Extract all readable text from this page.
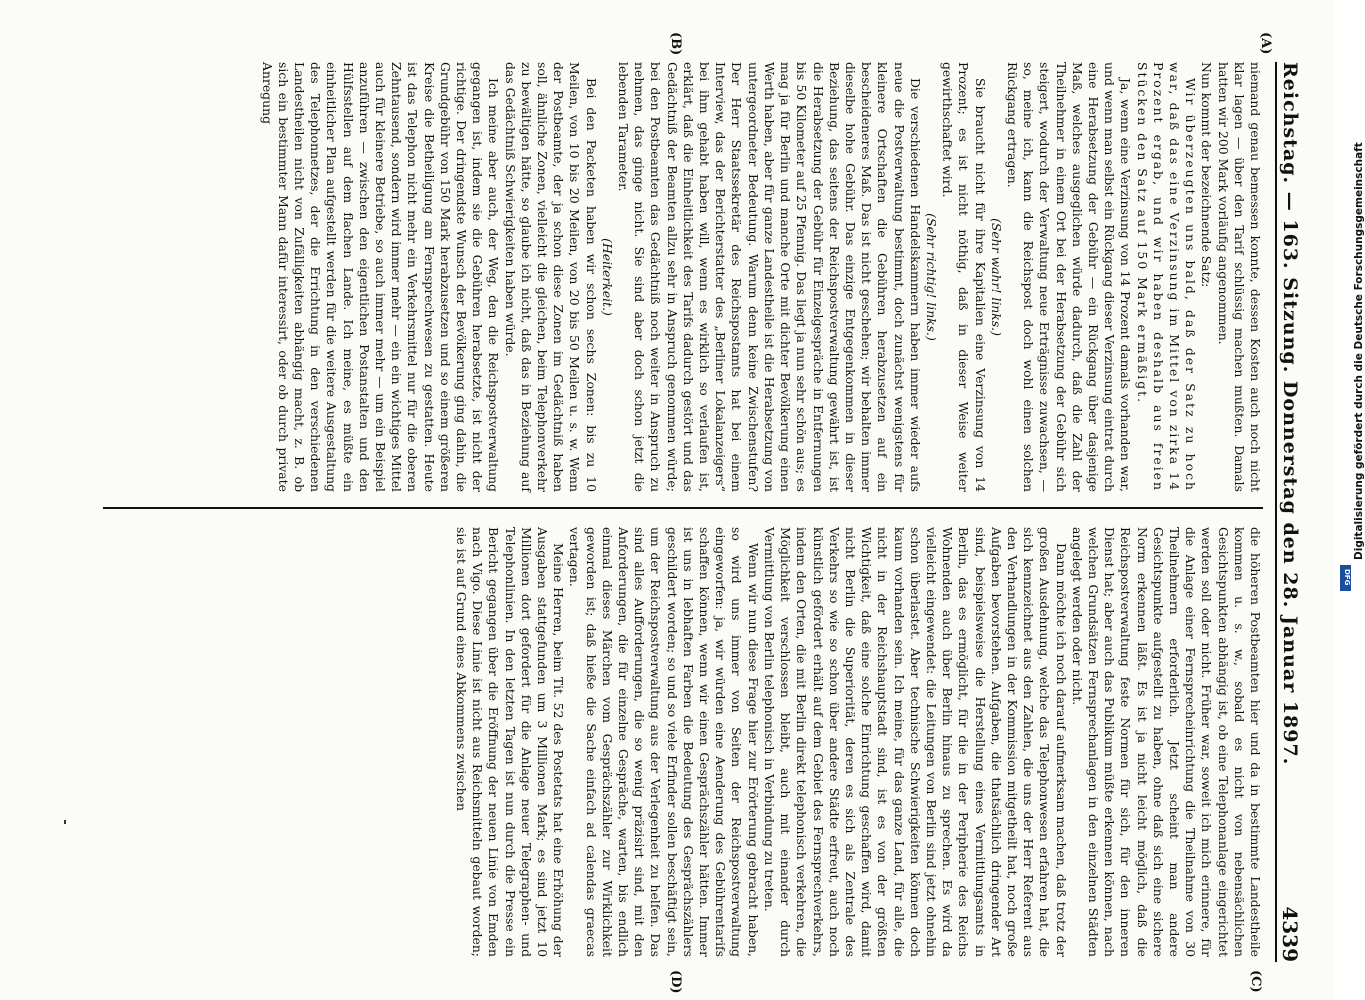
Reichstag. — 163. Sitzung. Donnerstag den 28. Januar 1897.
4339
(A)
(B)
(C)
(D)

niemand genau bemessen konnte, dessen Kosten auch noch nicht klar lagen — über den Tarif schlüssig machen mußten. Damals hatten wir 200 Mark vorläufig angenommen.

Nun kommt der bezeichnende Satz:

Wir überzeugten uns bald, daß der Satz zu hoch war, daß das eine Verzinsung im Mittel von zirka 14 Prozent ergab, und wir haben deshalb aus freien Stücken den Satz auf 150 Mark ermäßigt.

Ja, wenn eine Verzinsung von 14 Prozent damals vorhanden war, und wenn man selbst ein Rückgang dieser Verzinsung eintrat durch eine Herabsetzung der Gebühr — ein Rückgang über dasjenige Maß, welches ausgeglichen würde dadurch, daß die Zahl der Theilnehmer in einem Ort bei der Herabsetzung der Gebühr sich steigert, wodurch der Verwaltung neue Erträgnisse zuwachsen, — so, meine ich, kann die Reichspost doch wohl einen solchen Rückgang ertragen.

(Sehr wahr! links.)

Sie braucht nicht für ihre Kapitalien eine Verzinsung von 14 Prozent; es ist nicht nöthig, daß in dieser Weise weiter gewirthschaftet wird.

(Sehr richtig! links.)

Die verschiedenen Handelskammern haben immer wieder aufs neue die Postverwaltung bestimmt, doch zunächst wenigstens für kleinere Ortschaften die Gebühren herabzusetzen auf ein bescheideneres Maß. Das ist nicht geschehen; wir behalten immer dieselbe hohe Gebühr. Das einzige Entgegenkommen in dieser Beziehung, das seitens der Reichspostverwaltung gewährt ist, ist die Herabsetzung der Gebühr für Einzelgespräche in Entfernungen bis 50 Kilometer auf 25 Pfennig. Das liegt ja nun sehr schön aus; es mag ja für Berlin und manche Orte mit dichter Bevölkerung einen Werth haben, aber für ganze Landestheile ist die Herabsetzung von untergeordneter Bedeutung. Warum denn keine Zwischenstufen? Der Herr Staatssekretär des Reichspostamts hat bei einem Interview, das der Berichterstatter des „Berliner Lokalanzeigers“ bei ihm gehabt haben will, wenn es wirklich so verlaufen ist, erklärt, daß die Einheitlichkeit des Tarifs dadurch gestört und das Gedächtniß der Beamten allzu sehr in Anspruch genommen würde; bei den Postbeamten das Gedächtniß noch weiter in Anspruch zu nehmen, das ginge nicht. Sie sind aber doch schon jetzt die lebenden Tarameter.

(Heiterkeit.)

Bei den Packeten haben wir schon sechs Zonen: bis zu 10 Meilen, von 10 bis 20 Meilen, von 20 bis 50 Meilen u. s. w. Wenn der Postbeamte, der ja schon diese Zonen im Gedächtniß haben soll, ähnliche Zonen, vielleicht die gleichen, beim Telephonverkehr zu bewältigen hätte, so glaube ich nicht, daß das in Beziehung auf das Gedächtniß Schwierigkeiten haben würde.

Ich meine aber auch, der Weg, den die Reichspostverwaltung gegangen ist, indem sie die Gebühren herabsetzte, ist nicht der richtige. Der dringendste Wunsch der Bevölkerung ging dahin, die Grundgebühr von 150 Mark herabzusetzen und so einem größeren Kreise die Betheiligung am Fernsprechwesen zu gestatten. Heute ist das Telephon nicht mehr ein Verkehrsmittel nur für die oberen Zehntausend, sondern wird immer mehr — ein ein wichtiges Mittel auch für kleinere Betriebe, so auch immer mehr — um ein Beispiel anzuführen — zwischen den eigentlichen Postanstalten und den Hülfsstellen auf dem flachen Lande. Ich meine, es müßte ein einheitlicher Plan aufgestellt werden für die weitere Ausgestaltung des Telephonnetzes, der die Errichtung in den verschiedenen Landestheilen nicht von Zufälligkeiten abhängig macht, z. B. ob sich ein bestimmter Mann dafür interessirt, oder ob durch private Anregung

die höheren Postbeamten hier und da in bestimmte Landestheile kommen u. s. w., sobald es nicht von nebensächlichen Gesichtspunkten abhängig ist, ob eine Telephonanlage eingerichtet werden soll oder nicht. Früher war, soweit ich mich erinnere, für die Anlage einer Fernsprecheinrichtung die Theilnahme von 30 Theilnehmern erforderlich. Jetzt scheint man andere Gesichtspunkte aufgestellt zu haben, ohne daß sich eine sichere Norm erkennen läßt. Es ist ja nicht leicht möglich, daß die Reichspostverwaltung feste Normen für sich, für den inneren Dienst hat; aber auch das Publikum müßte erkennen können, nach welchen Grundsätzen Fernsprechanlagen in den einzelnen Städten angelegt werden oder nicht.

Dann möchte ich noch darauf aufmerksam machen, daß trotz der großen Ausdehnung, welche das Telephonwesen erfahren hat, die sich kennzeichnet aus den Zahlen, die uns der Herr Referent aus den Verhandlungen in der Kommission mitgetheilt hat, noch große Aufgaben bevorstehen. Aufgaben, die thatsächlich dringender Art sind, beispielsweise die Herstellung eines Vermittlungsamts in Berlin, das es ermöglicht, für die in der Peripherie des Reichs Wohnenden auch über Berlin hinaus zu sprechen. Es wird da vielleicht eingewendet: die Leitungen von Berlin sind jetzt ohnehin schon überlastet. Aber technische Schwierigkeiten können doch kaum vorhanden sein. Ich meine, für das ganze Land, für alle, die nicht in der Reichshauptstadt sind, ist es von der größten Wichtigkeit, daß eine solche Einrichtung geschaffen wird, damit nicht Berlin die Superiorität, deren es sich als Zentrale des Verkehrs so wie so schon über andere Städte erfreut, auch noch künstlich gefördert erhält auf dem Gebiet des Fernsprechverkehrs, indem den Orten, die mit Berlin direkt telephonisch verkehren, die Möglichkeit verschlossen bleibt, auch mit einander durch Vermittlung von Berlin telephonisch in Verbindung zu treten.

Wenn wir nun diese Frage hier zur Erörterung gebracht haben, so wird uns immer von Seiten der Reichspostverwaltung eingeworfen: ja, wir würden eine Aenderung des Gebührentarifs schaffen können, wenn wir einen Gesprächszähler hätten. Immer ist uns in lebhaften Farben die Bedeutung des Gesprächszählers geschildert worden; so und so viele Erfinder sollen beschäftigt sein, um der Reichspostverwaltung aus der Verlegenheit zu helfen. Das sind alles Aufforderungen, die so wenig präzisirt sind, mit den Anforderungen, die für einzelne Gespräche, warten, bis endlich einmal dieses Märchen vom Gesprächszähler zur Wirklichkeit geworden ist; daß hieße die Sache einfach ad calendas graecas vertagen.

Meine Herren, beim Tit. 52 des Postetats hat eine Erhöhung der Ausgaben stattgefunden um 3 Millionen Mark; es sind jetzt 10 Millionen dort gefordert für die Anlage neuer Telegraphen- und Telephonlinien. In den letzten Tagen ist nun durch die Presse ein Bericht gegangen über die Eröffnung der neuen Linie von Emden nach Vigo. Diese Linie ist nicht aus Reichsmitteln gebaut worden; sie ist auf Grund eines Abkommens zwischen

Digitalisierung gefördert durch die Deutsche Forschungsgemeinschaft
DFG
